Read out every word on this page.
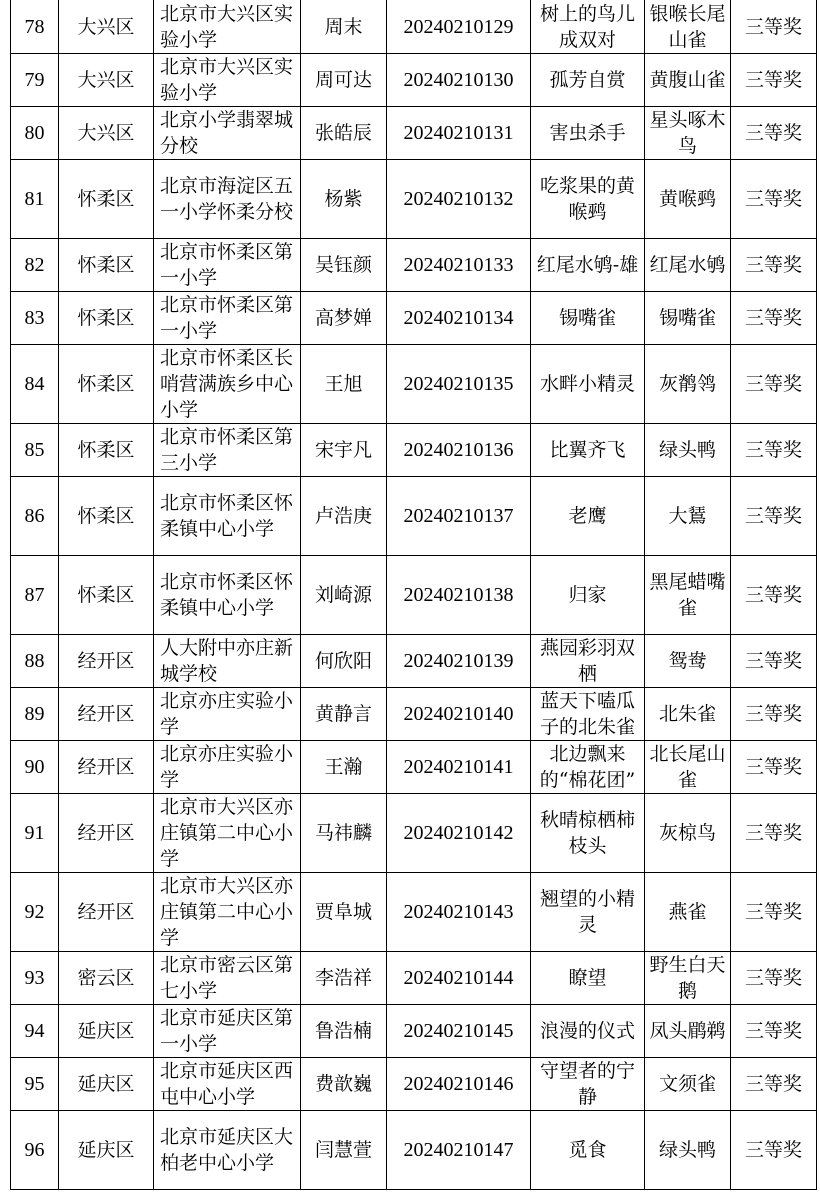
78	大兴区	北京市大兴区实验小学	周末	20240210129	树上的鸟儿成双对	银喉长尾山雀	三等奖
79	大兴区	北京市大兴区实验小学	周可达	20240210130	孤芳自赏	黄腹山雀	三等奖
80	大兴区	北京小学翡翠城分校	张皓辰	20240210131	害虫杀手	星头啄木鸟	三等奖
81	怀柔区	北京市海淀区五一小学怀柔分校	杨紫	20240210132	吃浆果的黄喉鹀	黄喉鹀	三等奖
82	怀柔区	北京市怀柔区第一小学	吴钰颜	20240210133	红尾水鸲-雄	红尾水鸲	三等奖
83	怀柔区	北京市怀柔区第一小学	高梦婵	20240210134	锡嘴雀	锡嘴雀	三等奖
84	怀柔区	北京市怀柔区长哨营满族乡中心小学	王旭	20240210135	水畔小精灵	灰鹡鸰	三等奖
85	怀柔区	北京市怀柔区第三小学	宋宇凡	20240210136	比翼齐飞	绿头鸭	三等奖
86	怀柔区	北京市怀柔区怀柔镇中心小学	卢浩庚	20240210137	老鹰	大鵟	三等奖
87	怀柔区	北京市怀柔区怀柔镇中心小学	刘崎源	20240210138	归家	黑尾蜡嘴雀	三等奖
88	经开区	人大附中亦庄新城学校	何欣阳	20240210139	燕园彩羽双栖	鸳鸯	三等奖
89	经开区	北京亦庄实验小学	黄静言	20240210140	蓝天下嗑瓜子的北朱雀	北朱雀	三等奖
90	经开区	北京亦庄实验小学	王瀚	20240210141	北边飘来的“棉花团”	北长尾山雀	三等奖
91	经开区	北京市大兴区亦庄镇第二中心小学	马祎麟	20240210142	秋晴椋栖柿枝头	灰椋鸟	三等奖
92	经开区	北京市大兴区亦庄镇第二中心小学	贾阜城	20240210143	翘望的小精灵	燕雀	三等奖
93	密云区	北京市密云区第七小学	李浩祥	20240210144	瞭望	野生白天鹅	三等奖
94	延庆区	北京市延庆区第一小学	鲁浩楠	20240210145	浪漫的仪式	凤头鹛鹈	三等奖
95	延庆区	北京市延庆区西屯中心小学	费歆巍	20240210146	守望者的宁静	文须雀	三等奖
96	延庆区	北京市延庆区大柏老中心小学	闫慧萱	20240210147	觅食	绿头鸭	三等奖
